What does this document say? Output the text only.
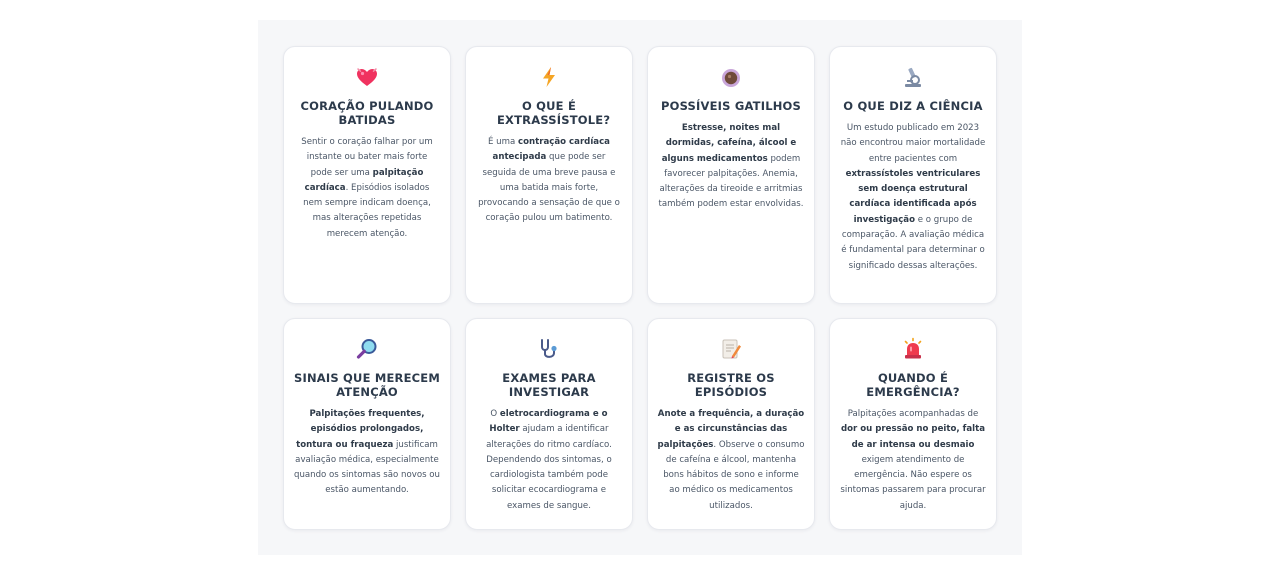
CORAÇÃO PULANDO BATIDAS
Sentir o coração falhar por um instante ou bater mais forte pode ser uma palpitação cardíaca. Episódios isolados nem sempre indicam doença, mas alterações repetidas merecem atenção.
O QUE É EXTRASSÍSTOLE?
É uma contração cardíaca antecipada que pode ser seguida de uma breve pausa e uma batida mais forte, provocando a sensação de que o coração pulou um batimento.
POSSÍVEIS GATILHOS
Estresse, noites mal dormidas, cafeína, álcool e alguns medicamentos podem favorecer palpitações. Anemia, alterações da tireoide e arritmias também podem estar envolvidas.
O QUE DIZ A CIÊNCIA
Um estudo publicado em 2023 não encontrou maior mortalidade entre pacientes com extrassístoles ventriculares sem doença estrutural cardíaca identificada após investigação e o grupo de comparação. A avaliação médica é fundamental para determinar o significado dessas alterações.
SINAIS QUE MERECEM ATENÇÃO
Palpitações frequentes, episódios prolongados, tontura ou fraqueza justificam avaliação médica, especialmente quando os sintomas são novos ou estão aumentando.
EXAMES PARA INVESTIGAR
O eletrocardiograma e o Holter ajudam a identificar alterações do ritmo cardíaco. Dependendo dos sintomas, o cardiologista também pode solicitar ecocardiograma e exames de sangue.
REGISTRE OS EPISÓDIOS
Anote a frequência, a duração e as circunstâncias das palpitações. Observe o consumo de cafeína e álcool, mantenha bons hábitos de sono e informe ao médico os medicamentos utilizados.
QUANDO É EMERGÊNCIA?
Palpitações acompanhadas de dor ou pressão no peito, falta de ar intensa ou desmaio exigem atendimento de emergência. Não espere os sintomas passarem para procurar ajuda.
